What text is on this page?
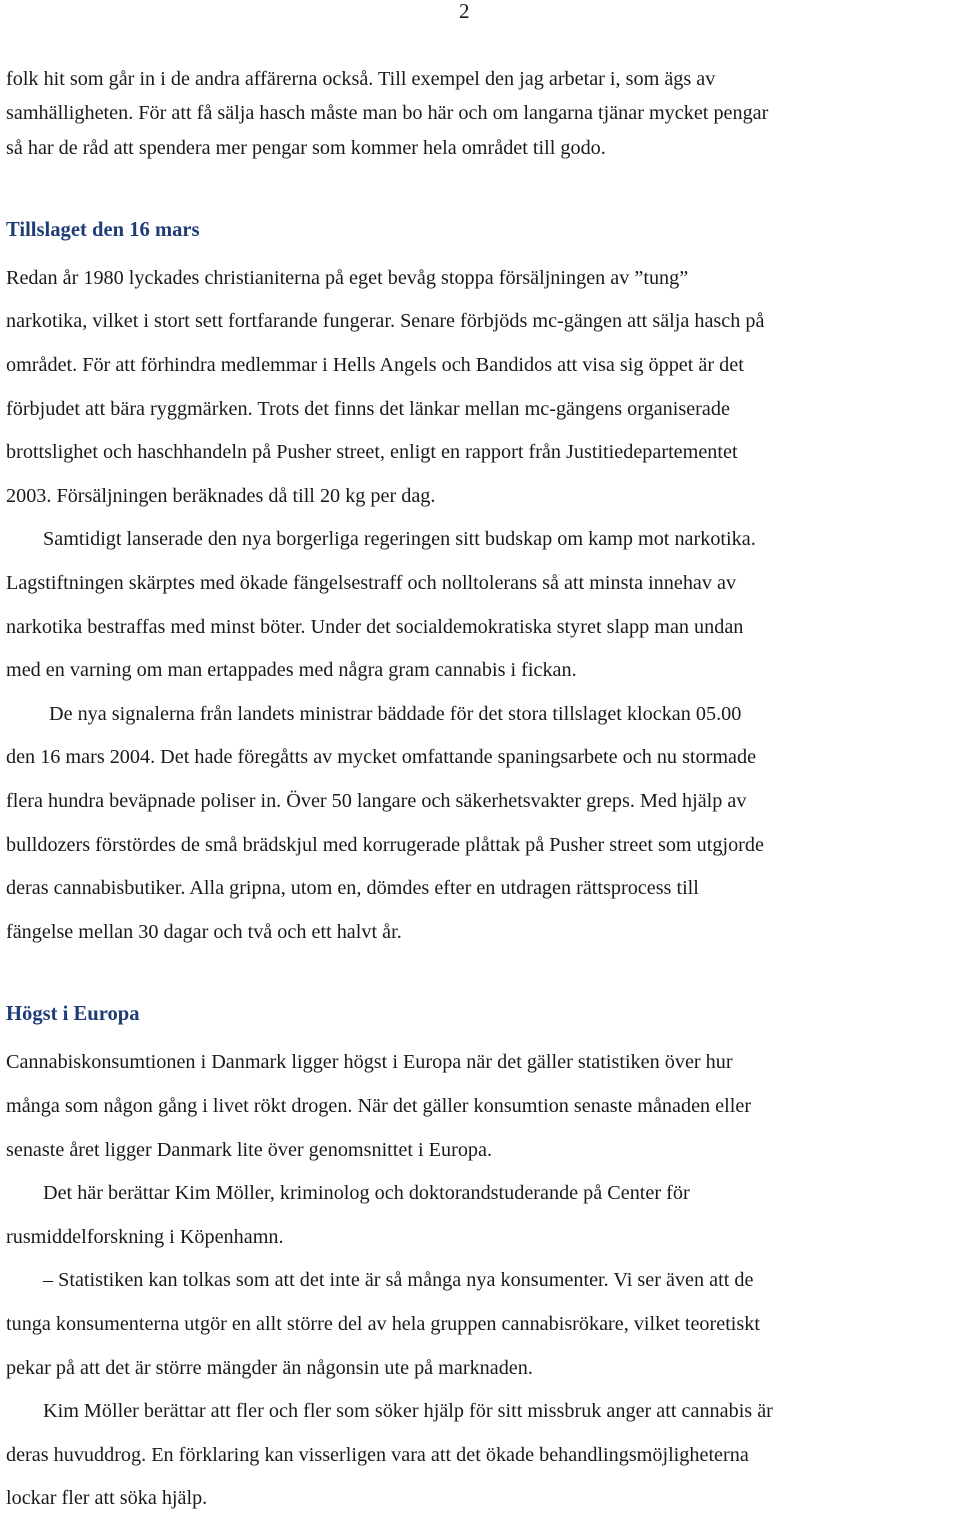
2

folk hit som går in i de andra affärerna också. Till exempel den jag arbetar i, som ägs av
samhälligheten. För att få sälja hasch måste man bo här och om langarna tjänar mycket pengar
så har de råd att spendera mer pengar som kommer hela området till godo.

Tillslaget den 16 mars

Redan år 1980 lyckades christianiterna på eget bevåg stoppa försäljningen av ”tung”
narkotika, vilket i stort sett fortfarande fungerar. Senare förbjöds mc-gängen att sälja hasch på
området. För att förhindra medlemmar i Hells Angels och Bandidos att visa sig öppet är det
förbjudet att bära ryggmärken. Trots det finns det länkar mellan mc-gängens organiserade
brottslighet och haschhandeln på Pusher street, enligt en rapport från Justitiedepartementet
2003. Försäljningen beräknades då till 20 kg per dag.

Samtidigt lanserade den nya borgerliga regeringen sitt budskap om kamp mot narkotika.
Lagstiftningen skärptes med ökade fängelsestraff och nolltolerans så att minsta innehav av
narkotika bestraffas med minst böter. Under det socialdemokratiska styret slapp man undan
med en varning om man ertappades med några gram cannabis i fickan.

De nya signalerna från landets ministrar bäddade för det stora tillslaget klockan 05.00
den 16 mars 2004. Det hade föregåtts av mycket omfattande spaningsarbete och nu stormade
flera hundra beväpnade poliser in. Över 50 langare och säkerhetsvakter greps. Med hjälp av
bulldozers förstördes de små brädskjul med korrugerade plåttak på Pusher street som utgjorde
deras cannabisbutiker. Alla gripna, utom en, dömdes efter en utdragen rättsprocess till
fängelse mellan 30 dagar och två och ett halvt år.

Högst i Europa

Cannabiskonsumtionen i Danmark ligger högst i Europa när det gäller statistiken över hur
många som någon gång i livet rökt drogen. När det gäller konsumtion senaste månaden eller
senaste året ligger Danmark lite över genomsnittet i Europa.

Det här berättar Kim Möller, kriminolog och doktorandstuderande på Center för
rusmiddelforskning i Köpenhamn.

– Statistiken kan tolkas som att det inte är så många nya konsumenter. Vi ser även att de
tunga konsumenterna utgör en allt större del av hela gruppen cannabisrökare, vilket teoretiskt
pekar på att det är större mängder än någonsin ute på marknaden.

Kim Möller berättar att fler och fler som söker hjälp för sitt missbruk anger att cannabis är
deras huvuddrog. En förklaring kan visserligen vara att det ökade behandlingsmöjligheterna
lockar fler att söka hjälp.
